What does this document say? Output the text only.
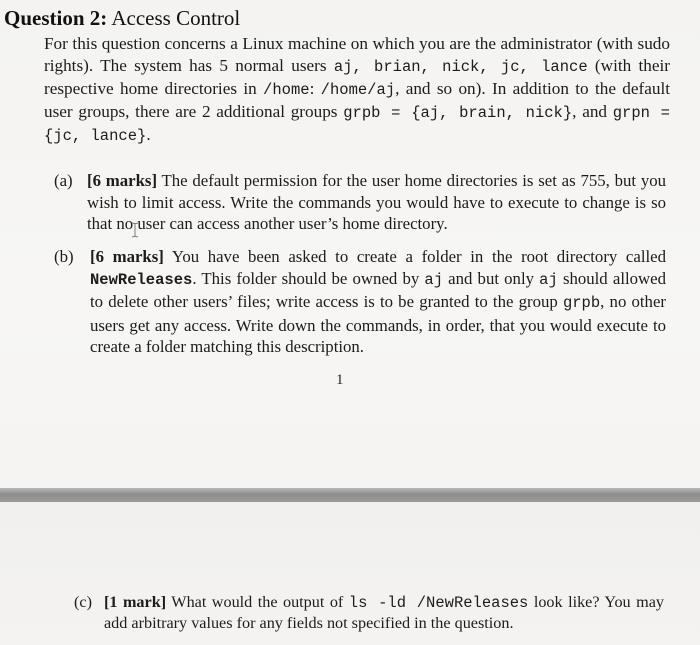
Question 2: Access Control

For this question concerns a Linux machine on which you are the administrator (with sudo rights). The system has 5 normal users aj, brian, nick, jc, lance (with their respective home directories in /home: /home/aj, and so on). In addition to the default user groups, there are 2 additional groups grpb = {aj, brain, nick}, and grpn = {jc, lance}.

(a) [6 marks] The default permission for the user home directories is set as 755, but you wish to limit access. Write the commands you would have to execute to change is so that no user can access another user’s home directory.
(b) [6 marks] You have been asked to create a folder in the root directory called NewReleases. This folder should be owned by aj and but only aj should allowed to delete other users’ files; write access is to be granted to the group grpb, no other users get any access. Write down the commands, in order, that you would execute to create a folder matching this description.
1
(c) [1 mark] What would the output of ls -ld /NewReleases look like? You may add arbitrary values for any fields not specified in the question.
